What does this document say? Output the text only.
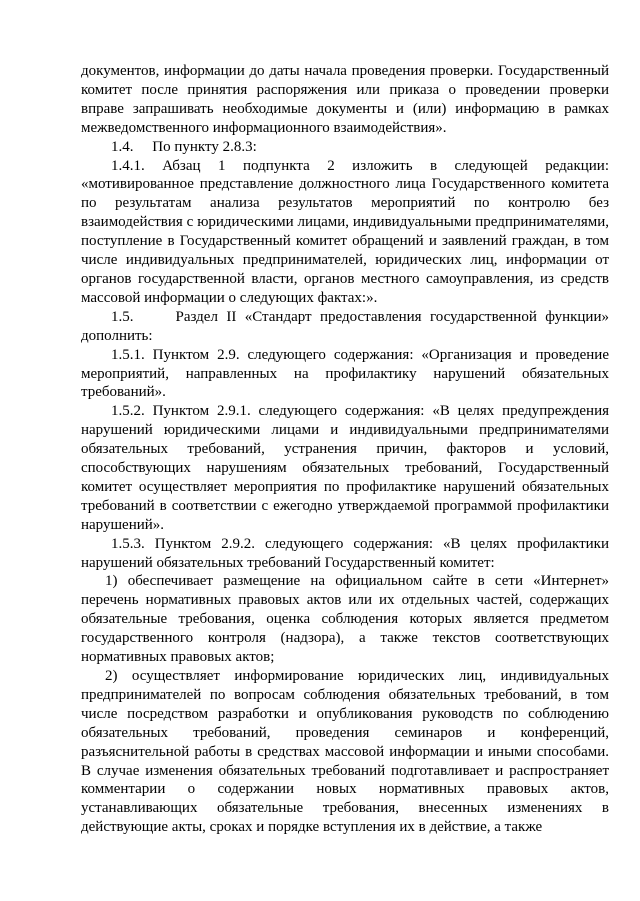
документов, информации до даты начала проведения проверки. Государственный комитет после принятия распоряжения или приказа о проведении проверки вправе запрашивать необходимые документы и (или) информацию в рамках межведомственного информационного взаимодействия».

1.4.     По пункту 2.8.3:

1.4.1. Абзац 1 подпункта 2 изложить в следующей редакции: «мотивированное представление должностного лица Государственного комитета по результатам анализа результатов мероприятий по контролю без взаимодействия с юридическими лицами, индивидуальными предпринимателями, поступление в Государственный комитет обращений и заявлений граждан, в том числе индивидуальных предпринимателей, юридических лиц, информации от органов государственной власти, органов местного самоуправления, из средств массовой информации о следующих фактах:».

1.5.     Раздел II «Стандарт предоставления государственной функции» дополнить:

1.5.1. Пунктом 2.9. следующего содержания: «Организация и проведение мероприятий, направленных на профилактику нарушений обязательных требований».

1.5.2. Пунктом 2.9.1. следующего содержания: «В целях предупреждения нарушений юридическими лицами и индивидуальными предпринимателями обязательных требований, устранения причин, факторов и условий, способствующих нарушениям обязательных требований, Государственный комитет осуществляет мероприятия по профилактике нарушений обязательных требований в соответствии с ежегодно утверждаемой программой профилактики нарушений».

1.5.3. Пунктом 2.9.2. следующего содержания: «В целях профилактики нарушений обязательных требований Государственный комитет:

1) обеспечивает размещение на официальном сайте в сети «Интернет» перечень нормативных правовых актов или их отдельных частей, содержащих обязательные требования, оценка соблюдения которых является предметом государственного контроля (надзора), а также текстов соответствующих нормативных правовых актов;

2) осуществляет информирование юридических лиц, индивидуальных предпринимателей по вопросам соблюдения обязательных требований, в том числе посредством разработки и опубликования руководств по соблюдению обязательных требований, проведения семинаров и конференций, разъяснительной работы в средствах массовой информации и иными способами. В случае изменения обязательных требований подготавливает и распространяет комментарии о содержании новых нормативных правовых актов, устанавливающих обязательные требования, внесенных изменениях в действующие акты, сроках и порядке вступления их в действие, а также
